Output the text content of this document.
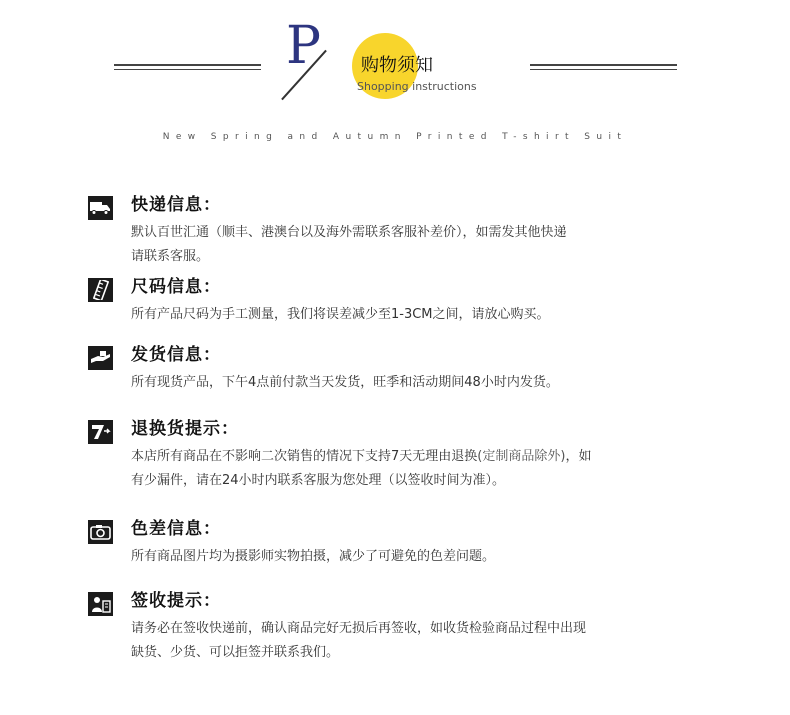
P 购物须知
Shopping instructions
New Spring and Autumn Printed T-shirt Suit
快递信息：
默认百世汇通（顺丰、港澳台以及海外需联系客服补差价），如需发其他快递
请联系客服。
尺码信息：
所有产品尺码为手工测量，我们将误差减少至1-3CM之间，请放心购买。
发货信息：
所有现货产品，下午4点前付款当天发货，旺季和活动期间48小时内发货。
退换货提示：
本店所有商品在不影响二次销售的情况下支持7天无理由退换(定制商品除外)，如
有少漏件，请在24小时内联系客服为您处理（以签收时间为准）。
色差信息：
所有商品图片均为摄影师实物拍摄，减少了可避免的色差问题。
签收提示：
请务必在签收快递前，确认商品完好无损后再签收，如收货检验商品过程中出现
缺货、少货、可以拒签并联系我们。
